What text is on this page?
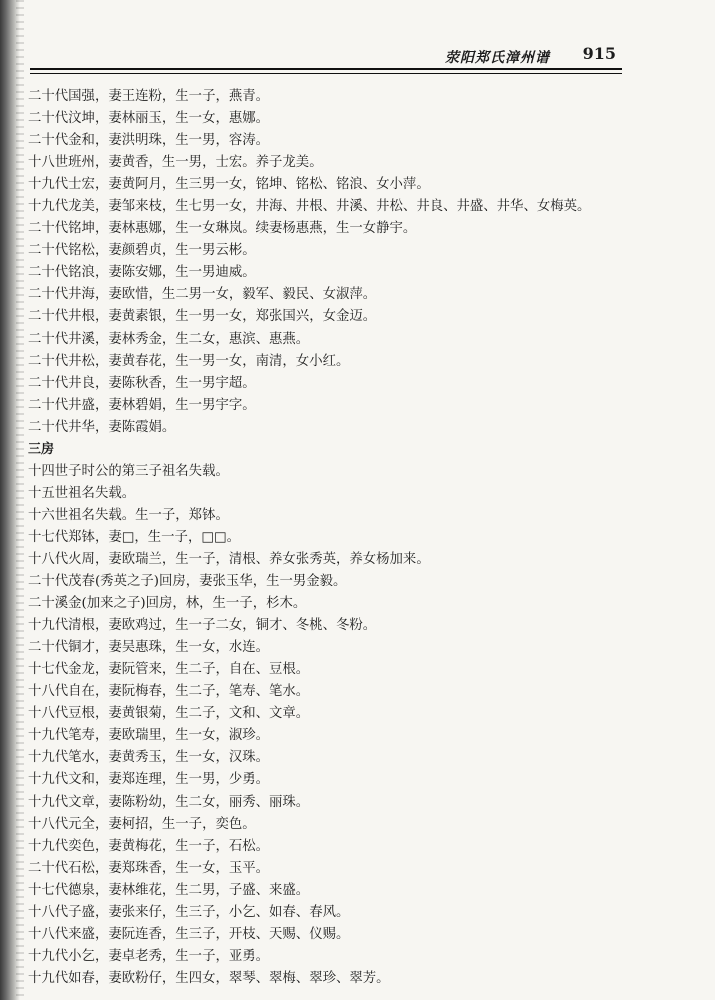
荥阳郑氏漳州谱 915
二十代国强，妻王连粉，生一子，燕青。
二十代汶坤，妻林丽玉，生一女，惠娜。
二十代金和，妻洪明珠，生一男，容涛。
十八世班州，妻黄香，生一男，士宏。养子龙美。
十九代士宏，妻黄阿月，生三男一女，铭坤、铭松、铭浪、女小萍。
十九代龙美，妻邹来枝，生七男一女，井海、井根、井溪、井松、井良、井盛、井华、女梅英。
二十代铭坤，妻林惠娜，生一女琳岚。续妻杨惠燕，生一女静宇。
二十代铭松，妻颜碧贞，生一男云彬。
二十代铭浪，妻陈安娜，生一男迪威。
二十代井海，妻欧惜，生二男一女，毅军、毅民、女淑萍。
二十代井根，妻黄素银，生一男一女，郑张国兴，女金迈。
二十代井溪，妻林秀金，生二女，惠滨、惠燕。
二十代井松，妻黄春花，生一男一女，南清，女小红。
二十代井良，妻陈秋香，生一男宇超。
二十代井盛，妻林碧娟，生一男宇字。
二十代井华，妻陈霞娟。
三房
十四世子时公的第三子祖名失载。
十五世祖名失载。
十六世祖名失载。生一子，郑钵。
十七代郑钵，妻□，生一子，□□。
十八代火周，妻欧瑞兰，生一子，清根、养女张秀英，养女杨加来。
二十代茂春(秀英之子)回房，妻张玉华，生一男金毅。
二十溪金(加来之子)回房，林，生一子，杉木。
十九代清根，妻欧鸡过，生一子二女，铜才、冬桃、冬粉。
二十代铜才，妻吴惠珠，生一女，水连。
十七代金龙，妻阮管来，生二子，自在、豆根。
十八代自在，妻阮梅春，生二子，笔寿、笔水。
十八代豆根，妻黄银菊，生二子，文和、文章。
十九代笔寿，妻欧瑞里，生一女，淑珍。
十九代笔水，妻黄秀玉，生一女，汉珠。
十九代文和，妻郑连理，生一男，少勇。
十九代文章，妻陈粉幼，生二女，丽秀、丽珠。
十八代元全，妻柯招，生一子，奕色。
十九代奕色，妻黄梅花，生一子，石松。
二十代石松，妻郑珠香，生一女，玉平。
十七代德泉，妻林维花，生二男，子盛、来盛。
十八代子盛，妻张来仔，生三子，小乞、如春、春风。
十八代来盛，妻阮连香，生三子，开枝、天赐、仪赐。
十九代小乞，妻卓老秀，生一子，亚勇。
十九代如春，妻欧粉仔，生四女，翠琴、翠梅、翠珍、翠芳。
